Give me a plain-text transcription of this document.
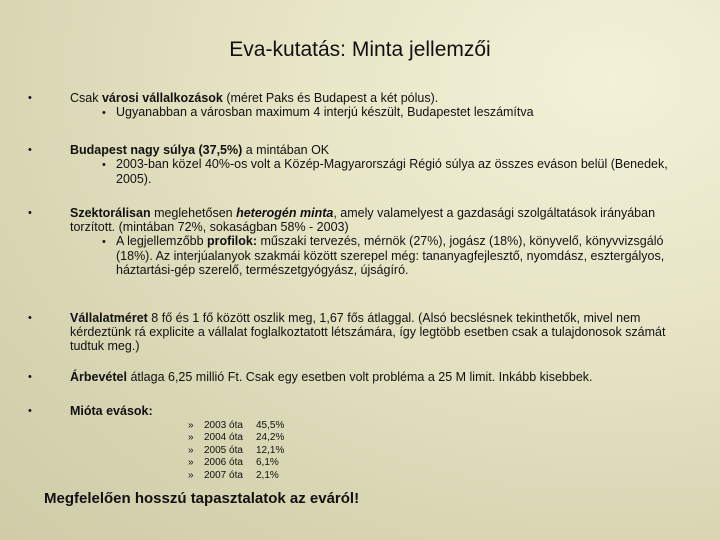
Eva-kutatás: Minta jellemzői
•	Csak városi vállalkozások (méret Paks és Budapest a két pólus).
• Ugyanabban a városban maximum 4 interjú készült, Budapestet leszámítva
•	Budapest nagy súlya (37,5%) a mintában OK
• 2003-ban közel 40%-os volt a Közép-Magyarországi Régió súlya az összes eváson belül (Benedek, 2005).
•	Szektorálisan meglehetősen heterogén minta, amely valamelyest a gazdasági szolgáltatások irányában torzított. (mintában 72%, sokaságban 58% - 2003)
• A legjellemzőbb profilok: műszaki tervezés, mérnök (27%), jogász (18%), könyvelő, könyvvizsgáló (18%). Az interjúalanyok szakmái között szerepel még: tananyagfejlesztő, nyomdász, esztergályos, háztartási-gép szerelő, természetgyógyász, újságíró.
•	Vállalatméret 8 fő és 1 fő között oszlik meg, 1,67 fős átlaggal. (Alsó becslésnek tekinthetők, mivel nem kérdeztünk rá explicite a vállalat foglalkoztatott létszámára, így legtöbb esetben csak a tulajdonosok számát tudtuk meg.)
•	Árbevétel átlaga 6,25 millió Ft. Csak egy esetben volt probléma a 25 M limit. Inkább kisebbek.
•	Mióta evások:
» 2003 óta 45,5%
» 2004 óta 24,2%
» 2005 óta 12,1%
» 2006 óta 6,1%
» 2007 óta 2,1%
Megfelelően hosszú tapasztalatok az eváról!
